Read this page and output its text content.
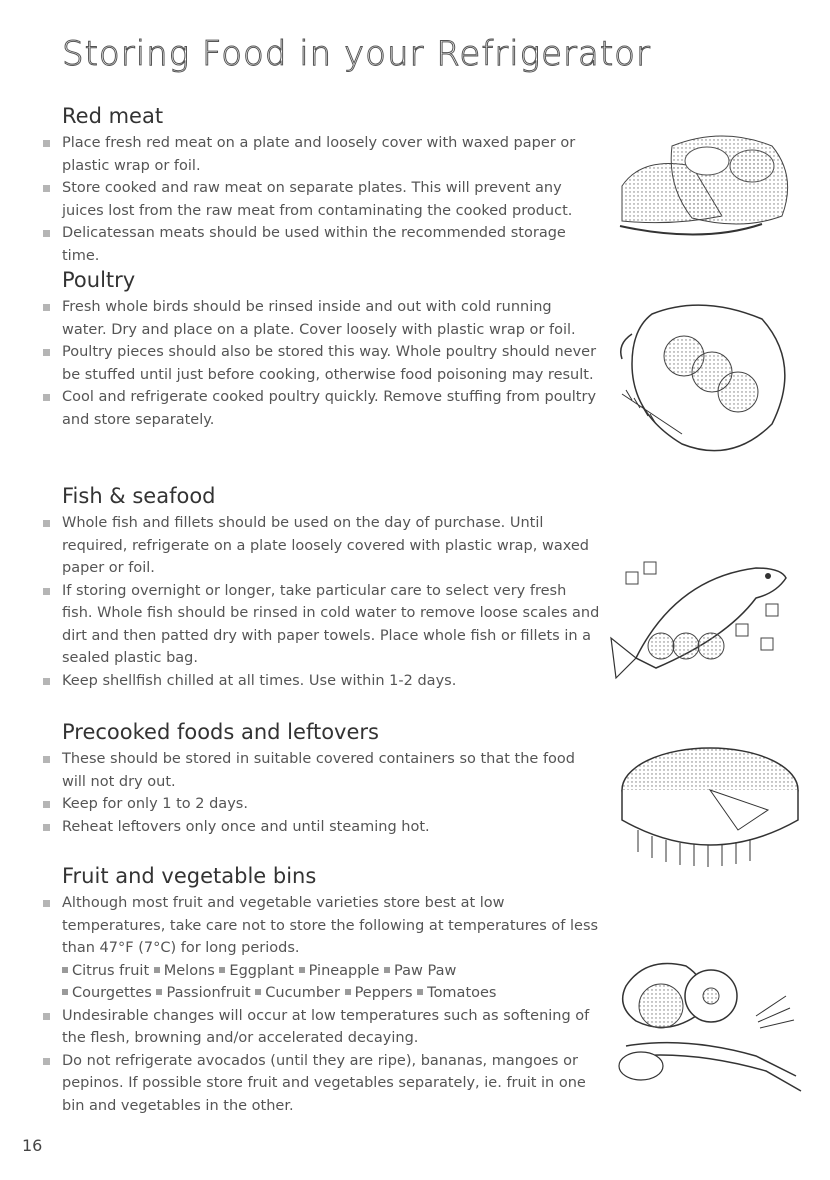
Storing Food in your Refrigerator
Red meat
Place fresh red meat on a plate and loosely cover with waxed paper or plastic wrap or foil.
Store cooked and raw meat on separate plates. This will prevent any juices lost from the raw meat from contaminating the cooked product.
Delicatessan meats should be used within the recommended storage time.
Poultry
Fresh whole birds should be rinsed inside and out with cold running water. Dry and place on a plate. Cover loosely with plastic wrap or foil.
Poultry pieces should also be stored this way. Whole poultry should never be stuffed until just before cooking, otherwise food poisoning may result.
Cool and refrigerate cooked poultry quickly. Remove stuffing from poultry and store separately.
Fish & seafood
Whole fish and fillets should be used on the day of purchase. Until required, refrigerate on a plate loosely covered with plastic wrap, waxed paper or foil.
If storing overnight or longer, take particular care to select very fresh fish. Whole fish should be rinsed in cold water to remove loose scales and dirt and then patted dry with paper towels. Place whole fish or fillets in a sealed plastic bag.
Keep shellfish chilled at all times. Use within 1-2 days.
Precooked foods and leftovers
These should be stored in suitable covered containers so that the food will not dry out.
Keep for only 1 to 2 days.
Reheat leftovers only once and until steaming hot.
Fruit and vegetable bins
Although most fruit and vegetable varieties store best at low temperatures, take care not to store the following at temperatures of less than 47°F (7°C) for long periods.
Citrus fruit Melons Eggplant Pineapple Paw Paw
Courgettes Passionfruit Cucumber Peppers Tomatoes
Undesirable changes will occur at low temperatures such as softening of the flesh, browning and/or accelerated decaying.
Do not refrigerate avocados (until they are ripe), bananas, mangoes or pepinos. If possible store fruit and vegetables separately, ie. fruit in one bin and vegetables in the other.
16
